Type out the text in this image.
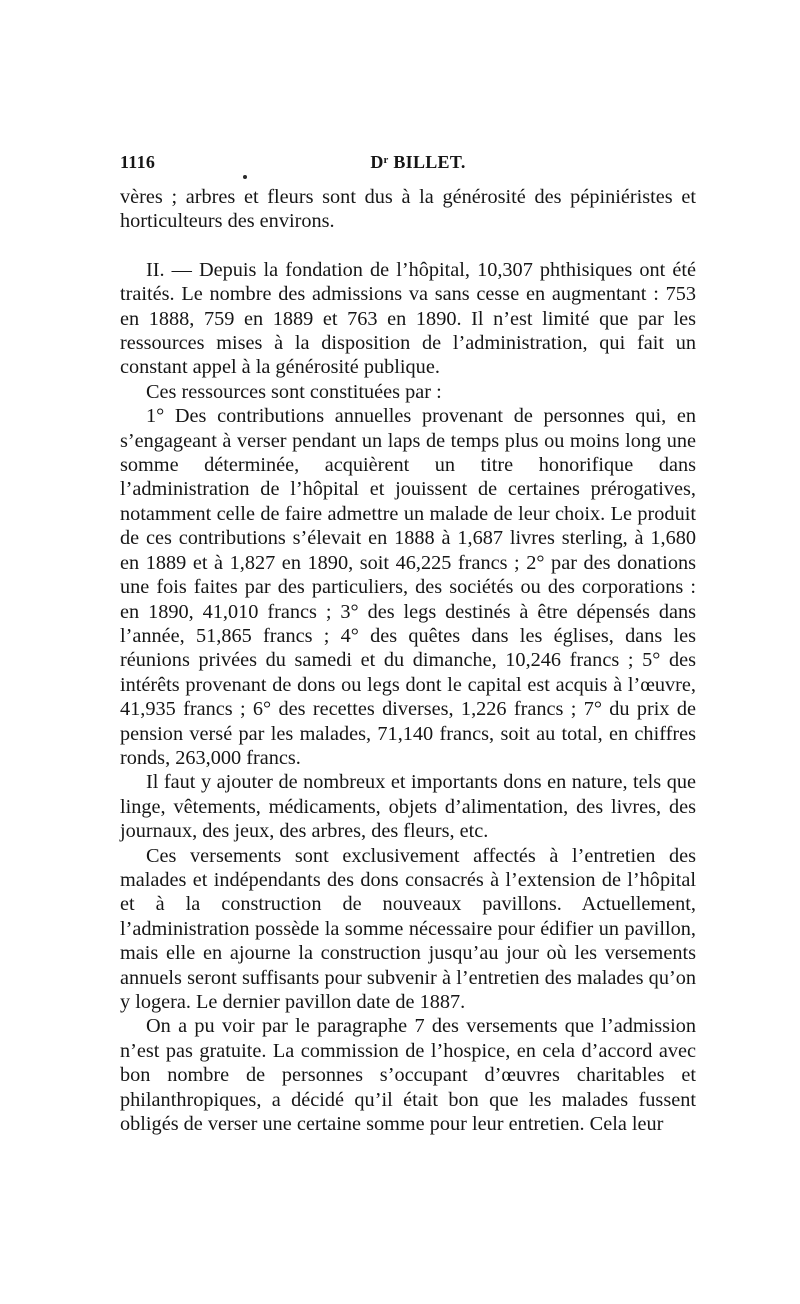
1116	Dʳ BILLET.

vères ; arbres et fleurs sont dus à la générosité des pépiniéristes et horticulteurs des environs.

II. — Depuis la fondation de l’hôpital, 10,307 phthisiques ont été traités. Le nombre des admissions va sans cesse en augmentant : 753 en 1888, 759 en 1889 et 763 en 1890. Il n’est limité que par les ressources mises à la disposition de l’administration, qui fait un constant appel à la générosité publique.

Ces ressources sont constituées par :

1° Des contributions annuelles provenant de personnes qui, en s’engageant à verser pendant un laps de temps plus ou moins long une somme déterminée, acquièrent un titre honorifique dans l’administration de l’hôpital et jouissent de certaines prérogatives, notamment celle de faire admettre un malade de leur choix. Le produit de ces contributions s’élevait en 1888 à 1,687 livres sterling, à 1,680 en 1889 et à 1,827 en 1890, soit 46,225 francs ; 2° par des donations une fois faites par des particuliers, des sociétés ou des corporations : en 1890, 41,010 francs ; 3° des legs destinés à être dépensés dans l’année, 51,865 francs ; 4° des quêtes dans les églises, dans les réunions privées du samedi et du dimanche, 10,246 francs ; 5° des intérêts provenant de dons ou legs dont le capital est acquis à l’œuvre, 41,935 francs ; 6° des recettes diverses, 1,226 francs ; 7° du prix de pension versé par les malades, 71,140 francs, soit au total, en chiffres ronds, 263,000 francs.

Il faut y ajouter de nombreux et importants dons en nature, tels que linge, vêtements, médicaments, objets d’alimentation, des livres, des journaux, des jeux, des arbres, des fleurs, etc.

Ces versements sont exclusivement affectés à l’entretien des malades et indépendants des dons consacrés à l’extension de l’hôpital et à la construction de nouveaux pavillons. Actuellement, l’administration possède la somme nécessaire pour édifier un pavillon, mais elle en ajourne la construction jusqu’au jour où les versements annuels seront suffisants pour subvenir à l’entretien des malades qu’on y logera. Le dernier pavillon date de 1887.

On a pu voir par le paragraphe 7 des versements que l’admission n’est pas gratuite. La commission de l’hospice, en cela d’accord avec bon nombre de personnes s’occupant d’œuvres charitables et philanthropiques, a décidé qu’il était bon que les malades fussent obligés de verser une certaine somme pour leur entretien. Cela leur
